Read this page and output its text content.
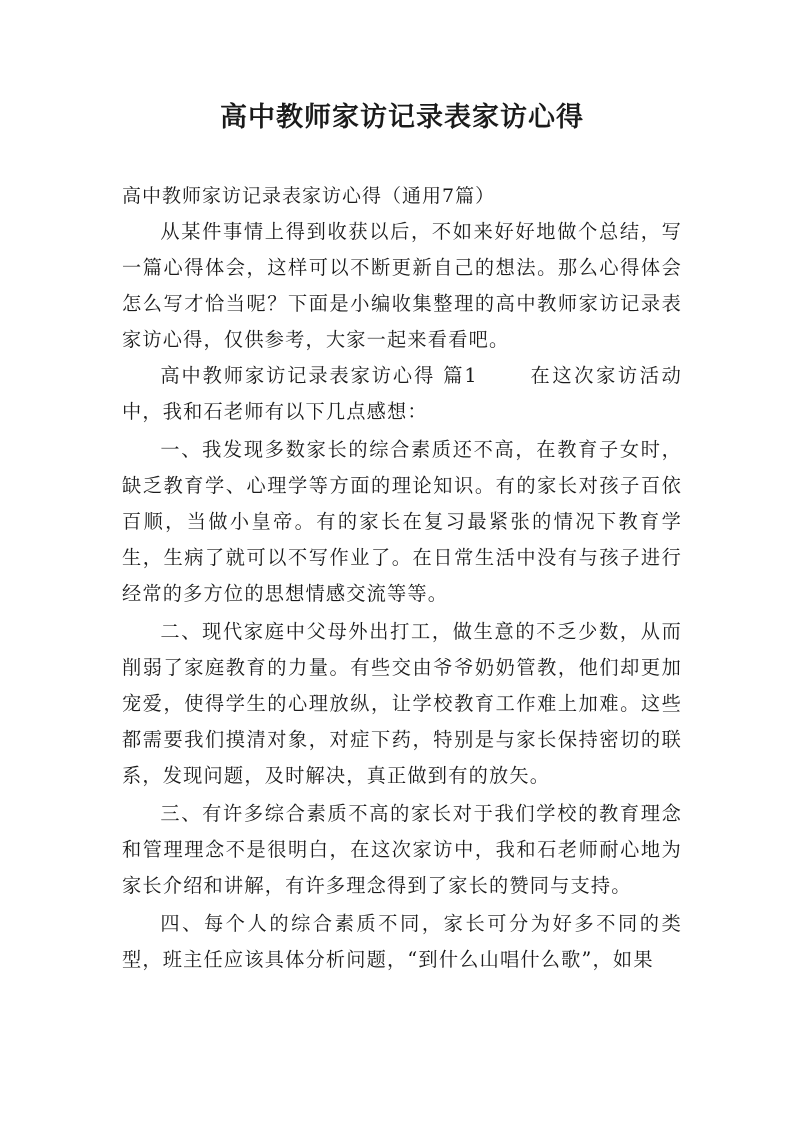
高中教师家访记录表家访心得
高中教师家访记录表家访心得（通用7篇）

从某件事情上得到收获以后，不如来好好地做个总结，写一篇心得体会，这样可以不断更新自己的想法。那么心得体会怎么写才恰当呢？下面是小编收集整理的高中教师家访记录表家访心得，仅供参考，大家一起来看看吧。

高中教师家访记录表家访心得 篇1	在这次家访活动中，我和石老师有以下几点感想：

一、我发现多数家长的综合素质还不高，在教育子女时，缺乏教育学、心理学等方面的理论知识。有的家长对孩子百依百顺，当做小皇帝。有的家长在复习最紧张的情况下教育学生，生病了就可以不写作业了。在日常生活中没有与孩子进行经常的多方位的思想情感交流等等。

二、现代家庭中父母外出打工，做生意的不乏少数，从而削弱了家庭教育的力量。有些交由爷爷奶奶管教，他们却更加宠爱，使得学生的心理放纵，让学校教育工作难上加难。这些都需要我们摸清对象，对症下药，特别是与家长保持密切的联系，发现问题，及时解决，真正做到有的放矢。

三、有许多综合素质不高的家长对于我们学校的教育理念和管理理念不是很明白，在这次家访中，我和石老师耐心地为家长介绍和讲解，有许多理念得到了家长的赞同与支持。

四、每个人的综合素质不同，家长可分为好多不同的类型，班主任应该具体分析问题，“到什么山唱什么歌”，如果
